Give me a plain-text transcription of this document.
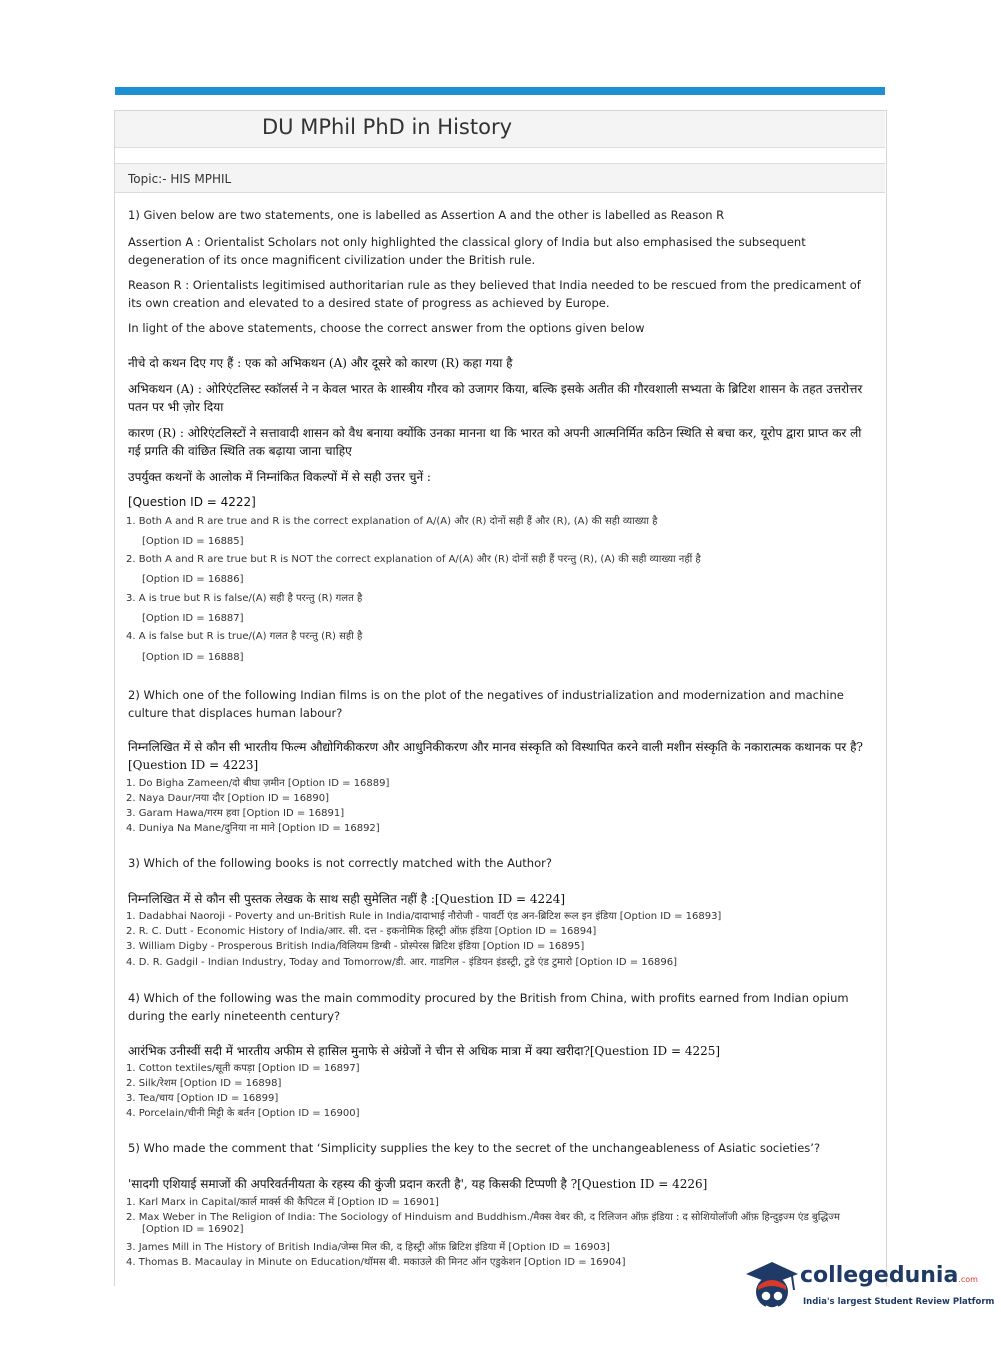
DU MPhil PhD in History
Topic:- HIS MPHIL
1) Given below are two statements, one is labelled as Assertion A and the other is labelled as Reason R
Assertion A : Orientalist Scholars not only highlighted the classical glory of India but also emphasised the subsequent degeneration of its once magnificent civilization under the British rule.
Reason R : Orientalists legitimised authoritarian rule as they believed that India needed to be rescued from the predicament of its own creation and elevated to a desired state of progress as achieved by Europe.
In light of the above statements, choose the correct answer from the options given below
नीचे दो कथन दिए गए हैं : एक को अभिकथन (A) और दूसरे को कारण (R) कहा गया है
अभिकथन (A) : ओरिएंटलिस्ट स्कॉलर्स ने न केवल भारत के शास्त्रीय गौरव को उजागर किया, बल्कि इसके अतीत की गौरवशाली सभ्यता के ब्रिटिश शासन के तहत उत्तरोत्तर पतन पर भी ज़ोर दिया
कारण (R) : ओरिएंटलिस्टों ने सत्तावादी शासन को वैध बनाया क्योंकि उनका मानना था कि भारत को अपनी आत्मनिर्मित कठिन स्थिति से बचा कर, यूरोप द्वारा प्राप्त कर ली गई प्रगति की वांछित स्थिति तक बढ़ाया जाना चाहिए
उपर्युक्त कथनों के आलोक में निम्नांकित विकल्पों में से सही उत्तर चुनें :
[Question ID = 4222]
1. Both A and R are true and R is the correct explanation of A/(A) और (R) दोनों सही हैं और (R), (A) की सही व्याख्या है
[Option ID = 16885]
2. Both A and R are true but R is NOT the correct explanation of A/(A) और (R) दोनों सही हैं परन्तु (R), (A) की सही व्याख्या नहीं है
[Option ID = 16886]
3. A is true but R is false/(A) सही है परन्तु (R) गलत है
[Option ID = 16887]
4. A is false but R is true/(A) गलत है परन्तु (R) सही है
[Option ID = 16888]
2) Which one of the following Indian films is on the plot of the negatives of industrialization and modernization and machine culture that displaces human labour?
निम्नलिखित में से कौन सी भारतीय फिल्म औद्योगिकीकरण और आधुनिकीकरण और मानव संस्कृति को विस्थापित करने वाली मशीन संस्कृति के नकारात्मक कथानक पर है?[Question ID = 4223]
1. Do Bigha Zameen/दो बीघा ज़मीन [Option ID = 16889]
2. Naya Daur/नया दौर [Option ID = 16890]
3. Garam Hawa/गरम हवा [Option ID = 16891]
4. Duniya Na Mane/दुनिया ना माने [Option ID = 16892]
3) Which of the following books is not correctly matched with the Author?
निम्नलिखित में से कौन सी पुस्तक लेखक के साथ सही सुमेलित नहीं है :[Question ID = 4224]
1. Dadabhai Naoroji - Poverty and un-British Rule in India/दादाभाई नौरोजी - पावर्टी एंड अन-ब्रिटिश रूल इन इंडिया [Option ID = 16893]
2. R. C. Dutt - Economic History of India/आर. सी. दत्त - इकनोमिक हिस्ट्री ऑफ़ इंडिया [Option ID = 16894]
3. William Digby - Prosperous British India/विलियम डिग्बी - प्रोस्पेरस ब्रिटिश इंडिया [Option ID = 16895]
4. D. R. Gadgil - Indian Industry, Today and Tomorrow/डी. आर. गाडगिल - इंडियन इंडस्ट्री, टुडे एंड टुमारो [Option ID = 16896]
4) Which of the following was the main commodity procured by the British from China, with profits earned from Indian opium during the early nineteenth century?
आरंभिक उनीस्वीं सदी में भारतीय अफीम से हासिल मुनाफे से अंग्रेजों ने चीन से अधिक मात्रा में क्या खरीदा?[Question ID = 4225]
1. Cotton textiles/सूती कपड़ा [Option ID = 16897]
2. Silk/रेशम [Option ID = 16898]
3. Tea/चाय [Option ID = 16899]
4. Porcelain/चीनी मिट्टी के बर्तन [Option ID = 16900]
5) Who made the comment that ‘Simplicity supplies the key to the secret of the unchangeableness of Asiatic societies’?
'सादगी एशियाई समाजों की अपरिवर्तनीयता के रहस्य की कुंजी प्रदान करती है', यह किसकी टिप्पणी है ?[Question ID = 4226]
1. Karl Marx in Capital/कार्ल मार्क्स की कैपिटल में [Option ID = 16901]
2. Max Weber in The Religion of India: The Sociology of Hinduism and Buddhism./मैक्स वेबर की, द रिलिजन ऑफ़ इंडिया : द सोशियोलॉजी ऑफ़ हिन्दुइज्म एंड बुद्धिज्म
[Option ID = 16902]
3. James Mill in The History of British India/जेम्स मिल की, द हिस्ट्री ऑफ़ ब्रिटिश इंडिया में [Option ID = 16903]
4. Thomas B. Macaulay in Minute on Education/थॉमस बी. मकाउले की मिनट ऑन एडुकेशन [Option ID = 16904]
collegedunia.com
India's largest Student Review Platform
